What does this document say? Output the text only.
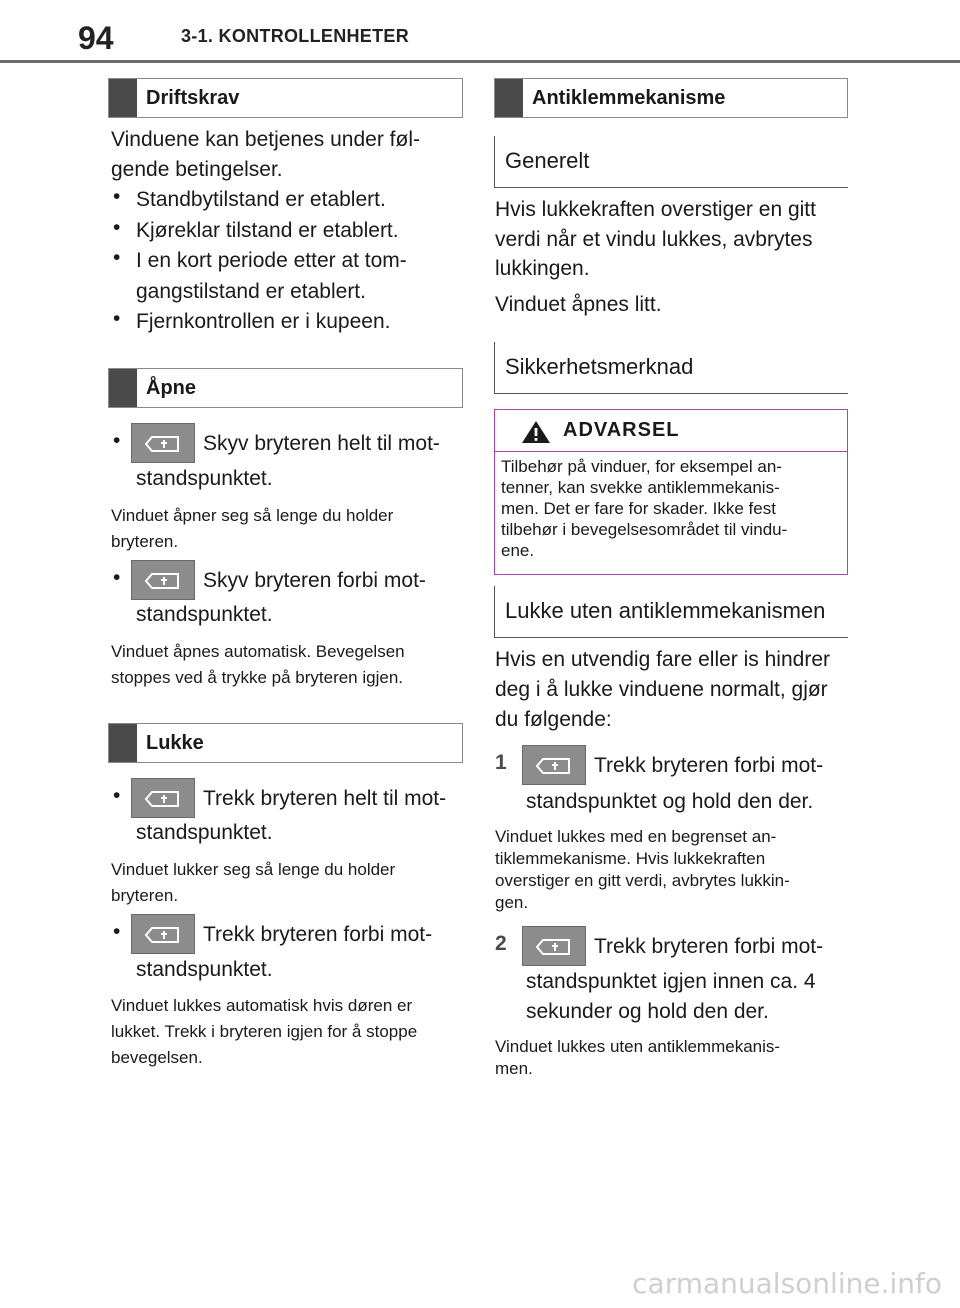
94	3-1. KONTROLLENHETER
Driftskrav
Vinduene kan betjenes under føl-
gende betingelser.
• Standbytilstand er etablert.
• Kjøreklar tilstand er etablert.
• I en kort periode etter at tom-
gangstilstand er etablert.
• Fjernkontrollen er i kupeen.
Åpne
•	Skyv bryteren helt til mot-
standspunktet.
Vinduet åpner seg så lenge du holder
bryteren.
•	Skyv bryteren forbi mot-
standspunktet.
Vinduet åpnes automatisk. Bevegelsen
stoppes ved å trykke på bryteren igjen.
Lukke
•	Trekk bryteren helt til mot-
standspunktet.
Vinduet lukker seg så lenge du holder
bryteren.
•	Trekk bryteren forbi mot-
standspunktet.
Vinduet lukkes automatisk hvis døren er
lukket. Trekk i bryteren igjen for å stoppe
bevegelsen.
Antiklemmekanisme
Generelt
Hvis lukkekraften overstiger en gitt
verdi når et vindu lukkes, avbrytes
lukkingen.
Vinduet åpnes litt.
Sikkerhetsmerknad
ADVARSEL
Tilbehør på vinduer, for eksempel an-
tenner, kan svekke antiklemmekanis-
men. Det er fare for skader. Ikke fest
tilbehør i bevegelsesområdet til vindu-
ene.
Lukke uten antiklemmekanismen
Hvis en utvendig fare eller is hindrer
deg i å lukke vinduene normalt, gjør
du følgende:
1	Trekk bryteren forbi mot-
standspunktet og hold den der.
Vinduet lukkes med en begrenset an-
tiklemmekanisme. Hvis lukkekraften
overstiger en gitt verdi, avbrytes lukkin-
gen.
2	Trekk bryteren forbi mot-
standspunktet igjen innen ca. 4
sekunder og hold den der.
Vinduet lukkes uten antiklemmekanis-
men.
carmanualsonline.info
